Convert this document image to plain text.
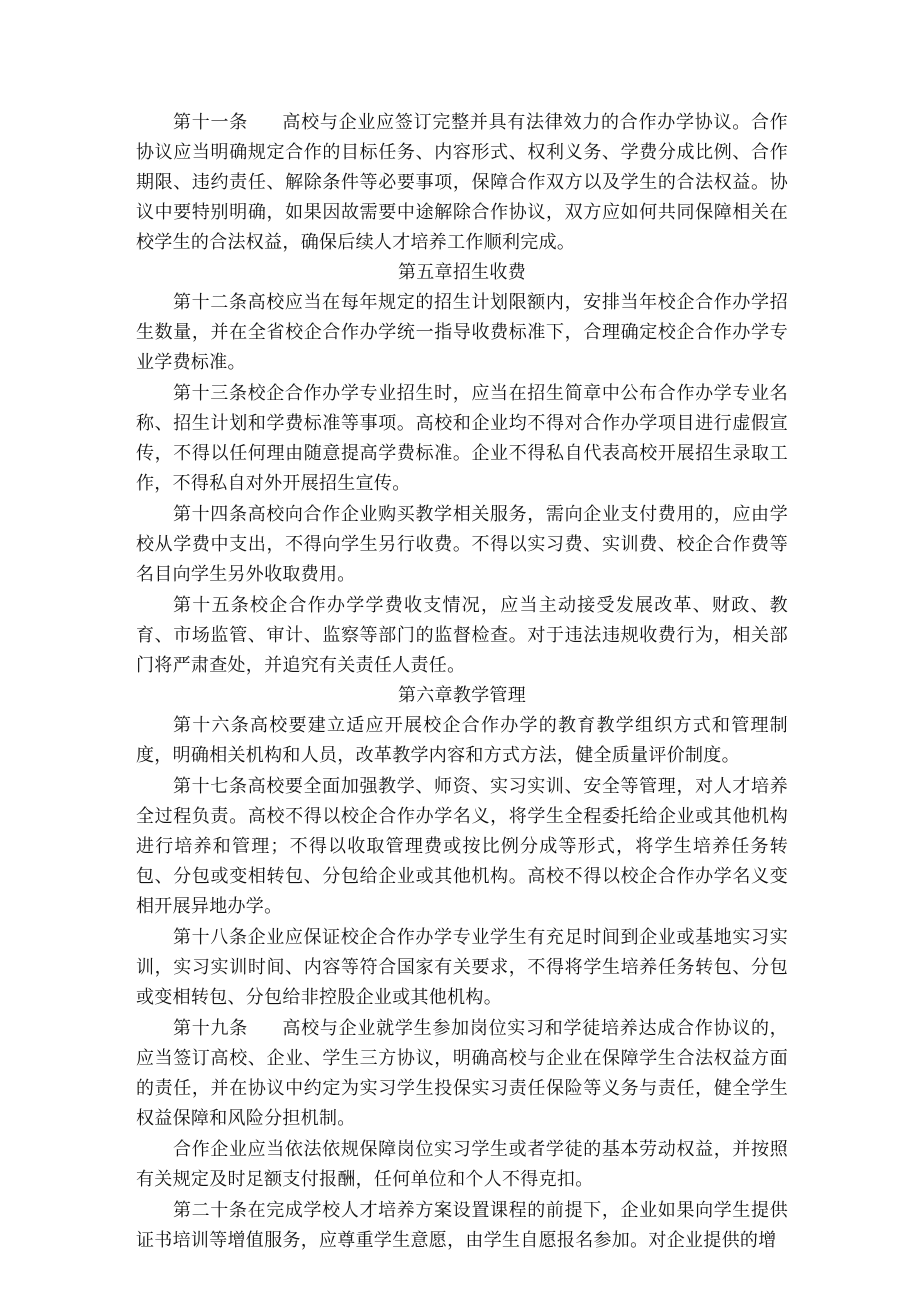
第十一条 高校与企业应签订完整并具有法律效力的合作办学协议。合作协议应当明确规定合作的目标任务、内容形式、权利义务、学费分成比例、合作期限、违约责任、解除条件等必要事项，保障合作双方以及学生的合法权益。协议中要特别明确，如果因故需要中途解除合作协议，双方应如何共同保障相关在校学生的合法权益，确保后续人才培养工作顺利完成。

第五章招生收费

第十二条高校应当在每年规定的招生计划限额内，安排当年校企合作办学招生数量，并在全省校企合作办学统一指导收费标准下，合理确定校企合作办学专业学费标准。

第十三条校企合作办学专业招生时，应当在招生简章中公布合作办学专业名称、招生计划和学费标准等事项。高校和企业均不得对合作办学项目进行虚假宣传，不得以任何理由随意提高学费标准。企业不得私自代表高校开展招生录取工作，不得私自对外开展招生宣传。

第十四条高校向合作企业购买教学相关服务，需向企业支付费用的，应由学校从学费中支出，不得向学生另行收费。不得以实习费、实训费、校企合作费等名目向学生另外收取费用。

第十五条校企合作办学学费收支情况，应当主动接受发展改革、财政、教育、市场监管、审计、监察等部门的监督检查。对于违法违规收费行为，相关部门将严肃查处，并追究有关责任人责任。

第六章教学管理

第十六条高校要建立适应开展校企合作办学的教育教学组织方式和管理制度，明确相关机构和人员，改革教学内容和方式方法，健全质量评价制度。

第十七条高校要全面加强教学、师资、实习实训、安全等管理，对人才培养全过程负责。高校不得以校企合作办学名义，将学生全程委托给企业或其他机构进行培养和管理；不得以收取管理费或按比例分成等形式，将学生培养任务转包、分包或变相转包、分包给企业或其他机构。高校不得以校企合作办学名义变相开展异地办学。

第十八条企业应保证校企合作办学专业学生有充足时间到企业或基地实习实训，实习实训时间、内容等符合国家有关要求，不得将学生培养任务转包、分包或变相转包、分包给非控股企业或其他机构。

第十九条 高校与企业就学生参加岗位实习和学徒培养达成合作协议的，应当签订高校、企业、学生三方协议，明确高校与企业在保障学生合法权益方面的责任，并在协议中约定为实习学生投保实习责任保险等义务与责任，健全学生权益保障和风险分担机制。

合作企业应当依法依规保障岗位实习学生或者学徒的基本劳动权益，并按照有关规定及时足额支付报酬，任何单位和个人不得克扣。

第二十条在完成学校人才培养方案设置课程的前提下，企业如果向学生提供证书培训等增值服务，应尊重学生意愿，由学生自愿报名参加。对企业提供的增
